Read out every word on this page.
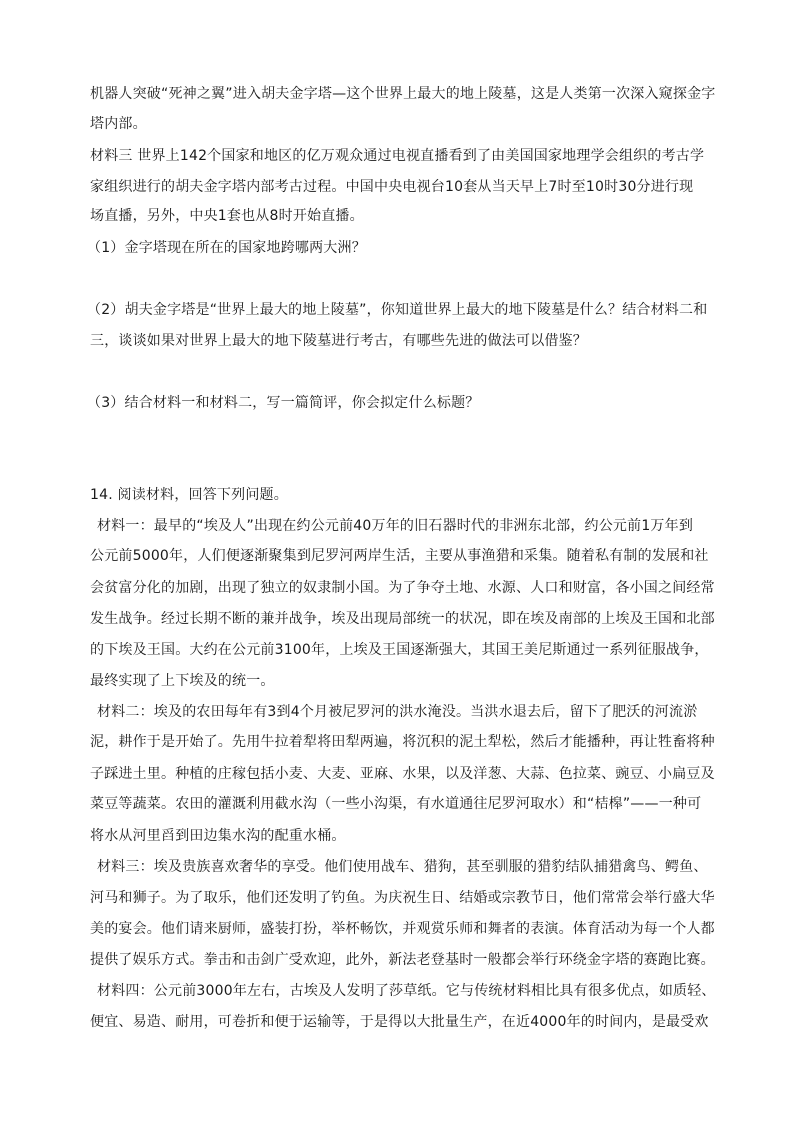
机器人突破“死神之翼”进入胡夫金字塔—这个世界上最大的地上陵墓，这是人类第一次深入窥探金字
塔内部。
材料三 世界上142个国家和地区的亿万观众通过电视直播看到了由美国国家地理学会组织的考古学
家组织进行的胡夫金字塔内部考古过程。中国中央电视台10套从当天早上7时至10时30分进行现
场直播，另外，中央1套也从8时开始直播。
（1）金字塔现在所在的国家地跨哪两大洲？
（2）胡夫金字塔是“世界上最大的地上陵墓”，你知道世界上最大的地下陵墓是什么？结合材料二和
三，谈谈如果对世界上最大的地下陵墓进行考古，有哪些先进的做法可以借鉴？
（3）结合材料一和材料二，写一篇简评，你会拟定什么标题？
14. 阅读材料，回答下列问题。
材料一：最早的“埃及人”出现在约公元前40万年的旧石器时代的非洲东北部，约公元前1万年到
公元前5000年，人们便逐渐聚集到尼罗河两岸生活，主要从事渔猎和采集。随着私有制的发展和社
会贫富分化的加剧，出现了独立的奴隶制小国。为了争夺土地、水源、人口和财富，各小国之间经常
发生战争。经过长期不断的兼并战争，埃及出现局部统一的状况，即在埃及南部的上埃及王国和北部
的下埃及王国。大约在公元前3100年，上埃及王国逐渐强大，其国王美尼斯通过一系列征服战争，
最终实现了上下埃及的统一。
材料二：埃及的农田每年有3到4个月被尼罗河的洪水淹没。当洪水退去后，留下了肥沃的河流淤
泥，耕作于是开始了。先用牛拉着犁将田犁两遍，将沉积的泥土犁松，然后才能播种，再让牲畜将种
子踩进土里。种植的庄稼包括小麦、大麦、亚麻、水果，以及洋葱、大蒜、色拉菜、豌豆、小扁豆及
菜豆等蔬菜。农田的灌溉利用截水沟（一些小沟渠，有水道通往尼罗河取水）和“桔槔”——一种可
将水从河里舀到田边集水沟的配重水桶。
材料三：埃及贵族喜欢奢华的享受。他们使用战车、猎狗，甚至驯服的猎豹结队捕猎禽鸟、鳄鱼、
河马和狮子。为了取乐，他们还发明了钓鱼。为庆祝生日、结婚或宗教节日，他们常常会举行盛大华
美的宴会。他们请来厨师，盛装打扮，举杯畅饮，并观赏乐师和舞者的表演。体育活动为每一个人都
提供了娱乐方式。拳击和击剑广受欢迎，此外，新法老登基时一般都会举行环绕金字塔的赛跑比赛。
材料四：公元前3000年左右，古埃及人发明了莎草纸。它与传统材料相比具有很多优点，如质轻、
便宜、易造、耐用，可卷折和便于运输等，于是得以大批量生产，在近4000年的时间内，是最受欢
